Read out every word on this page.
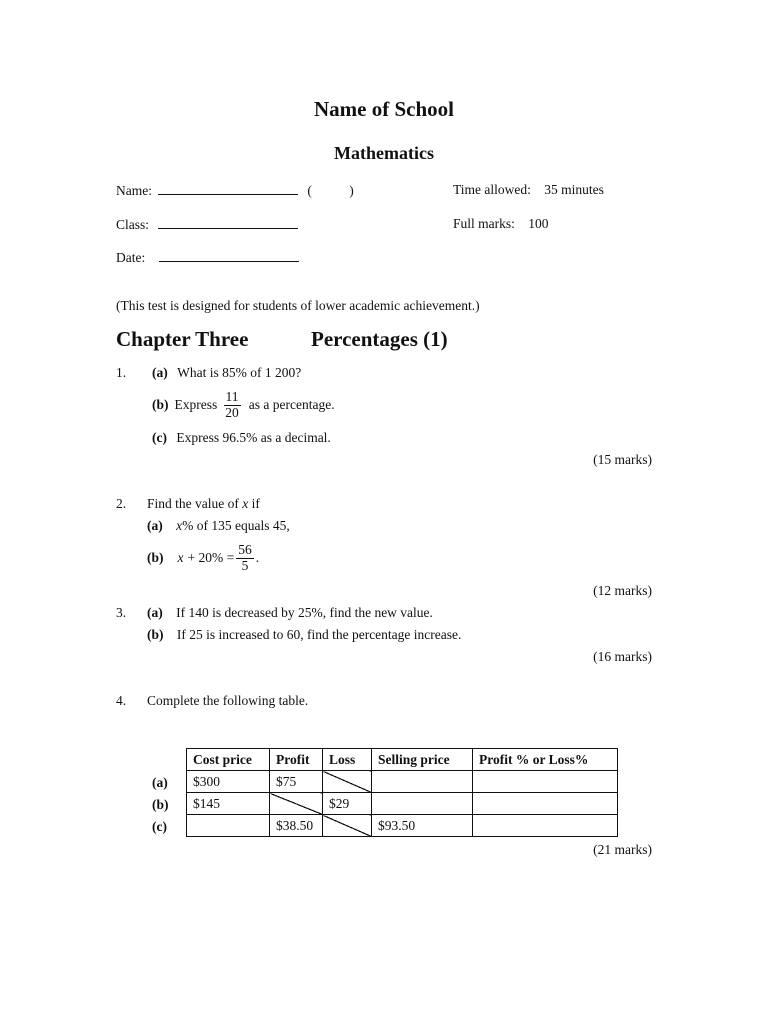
Name of School
Mathematics
Name:	(	)	Time allowed: 35 minutes
Class:	Full marks: 100
Date:
(This test is designed for students of lower academic achievement.)
Chapter Three	Percentages (1)
1. (a) What is 85% of 1 200?
(b) Express $\frac{11}{20}$ as a percentage.
(c) Express 96.5% as a decimal.
(15 marks)
2. Find the value of x if
(a) x% of 135 equals 45,
(b) $x + 20\% = \frac{56}{5}$ .
(12 marks)
3. (a) If 140 is decreased by 25%, find the new value.
(b) If 25 is increased to 60, find the percentage increase.
(16 marks)
4. Complete the following table.
(a)
(b)
(c)
Cost price	Profit	Loss	Selling price	Profit % or Loss%
$300	$75			
$145		$29		
	$38.50		$93.50	
(21 marks)
